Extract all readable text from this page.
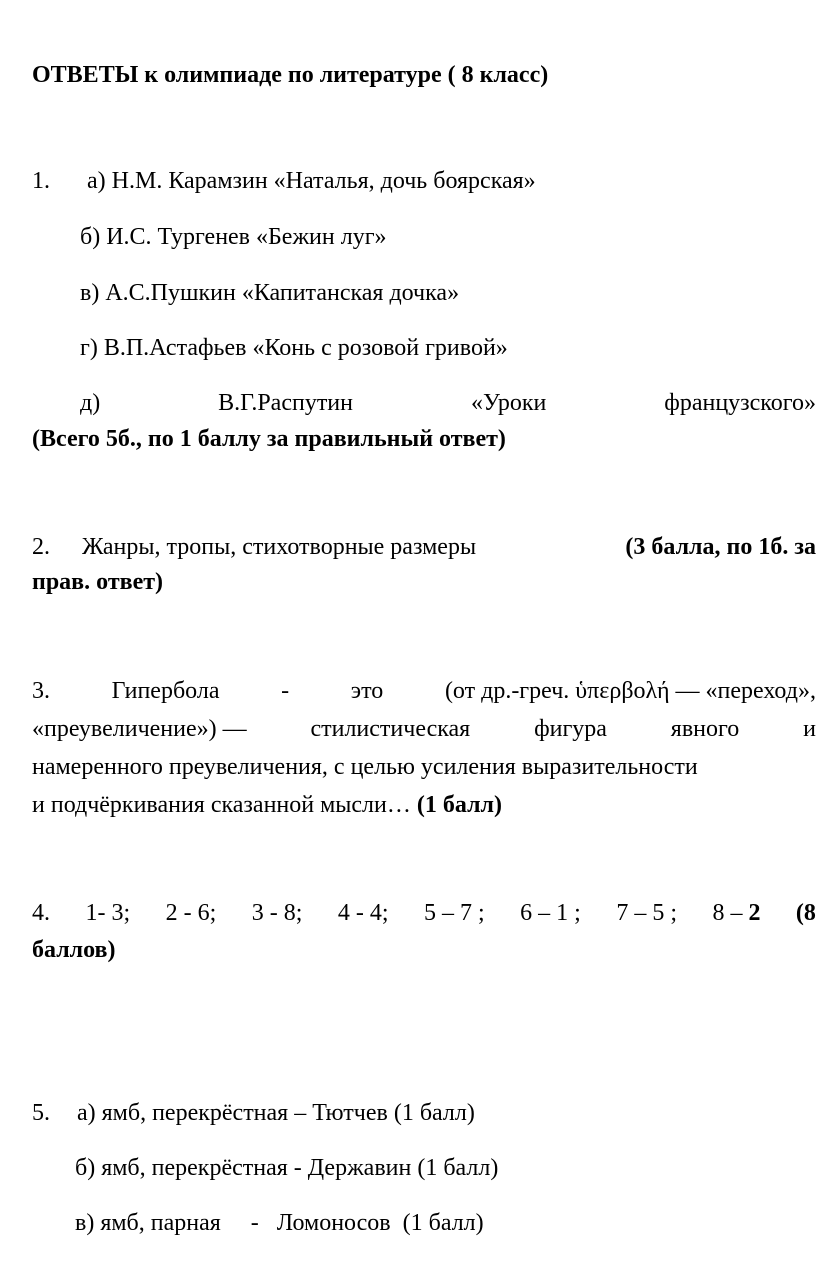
ОТВЕТЫ к олимпиаде по литературе ( 8 класс)
1. а) Н.М. Карамзин «Наталья, дочь боярская»
б) И.С. Тургенев «Бежин луг»
в) А.С.Пушкин «Капитанская дочка»
г) В.П.Астафьев «Конь с розовой гривой»
д)	В.Г.Распутин	«Уроки	французского»
(Всего 5б., по 1 баллу за правильный ответ)
2. Жанры, тропы, стихотворные размеры	(3 балла, по 1б. за
прав. ответ)
3.	Гипербола	-	это	(от др.-греч. ὑπερβολή — «переход»,
«преувеличение») —	стилистическая	фигура	явного	и
намеренного преувеличения, с целью усиления выразительности
и подчёркивания сказанной мысли… (1 балл)
4. 1- 3; 2 - 6; 3 - 8; 4 - 4; 5 – 7 ; 6 – 1 ; 7 – 5 ; 8 – 2 (8
баллов)
5. а) ямб, перекрёстная – Тютчев (1 балл)
б) ямб, перекрёстная - Державин (1 балл)
в) ямб, парная     -   Ломоносов  (1 балл)
